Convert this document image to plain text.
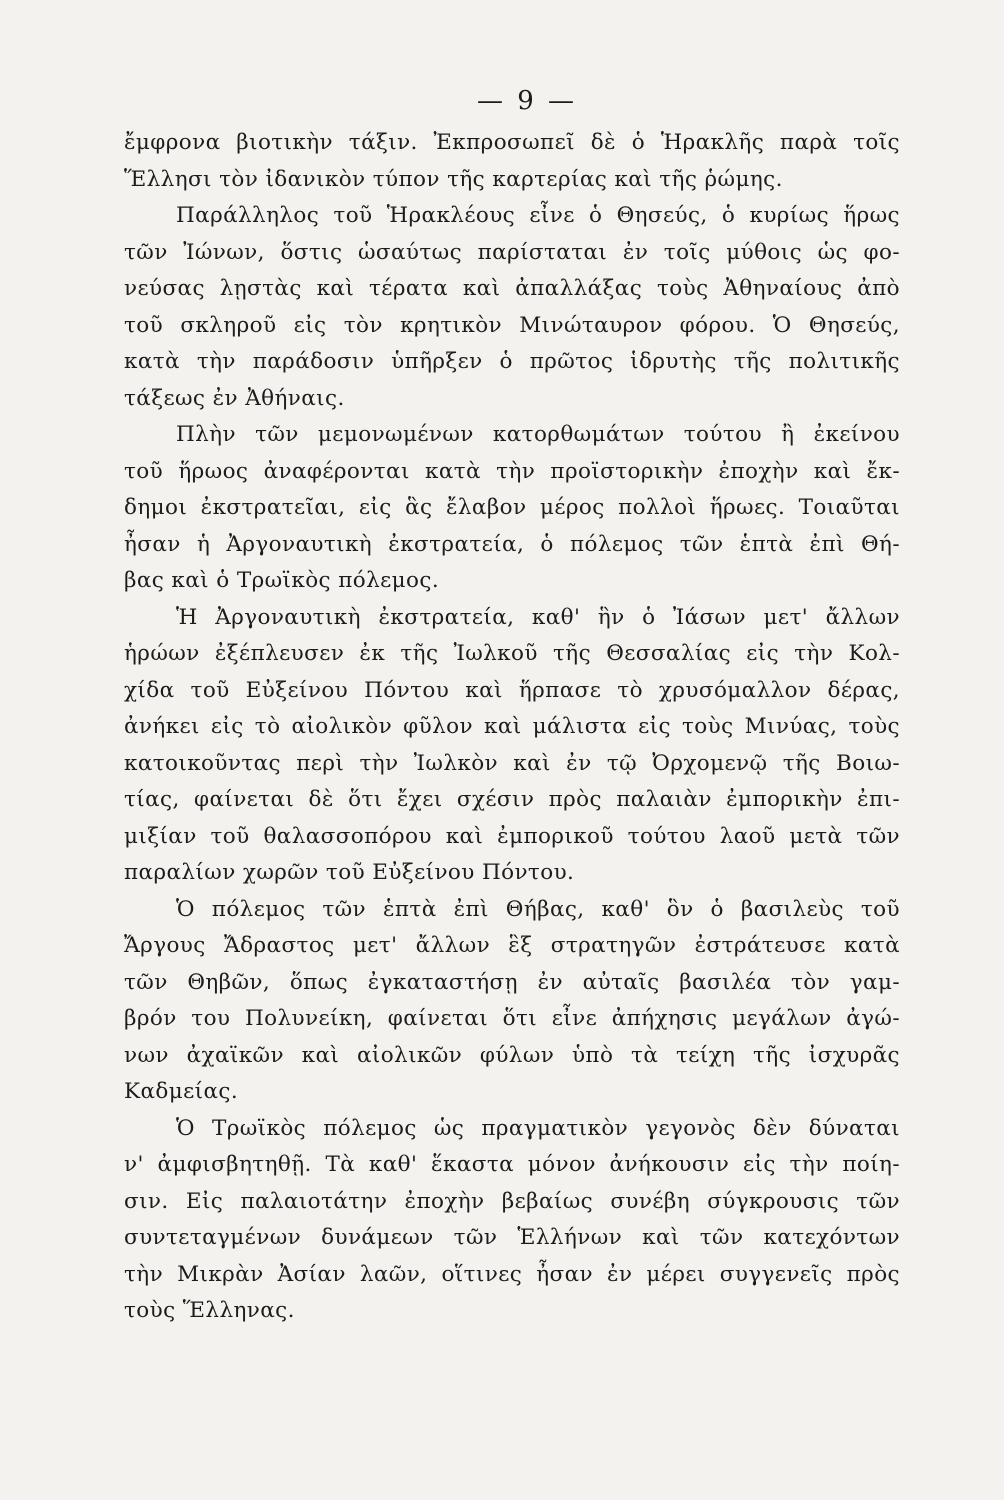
— 9 —
ἔμφρονα βιοτικὴν τάξιν. Ἐκπροσωπεῖ δὲ ὁ Ἡρακλῆς παρὰ τοῖς
Ἕλλησι τὸν ἰδανικὸν τύπον τῆς καρτερίας καὶ τῆς ῥώμης.
Παράλληλος τοῦ Ἡρακλέους εἶνε ὁ Θησεύς, ὁ κυρίως ἥρως
τῶν Ἰώνων, ὅστις ὡσαύτως παρίσταται ἐν τοῖς μύθοις ὡς φο-
νεύσας λῃστὰς καὶ τέρατα καὶ ἀπαλλάξας τοὺς Ἀθηναίους ἀπὸ
τοῦ σκληροῦ εἰς τὸν κρητικὸν Μινώταυρον φόρου. Ὁ Θησεύς,
κατὰ τὴν παράδοσιν ὑπῆρξεν ὁ πρῶτος ἱδρυτὴς τῆς πολιτικῆς
τάξεως ἐν Ἀθήναις.
Πλὴν τῶν μεμονωμένων κατορθωμάτων τούτου ἢ ἐκείνου
τοῦ ἥρωος ἀναφέρονται κατὰ τὴν προϊστορικὴν ἐποχὴν καὶ ἔκ-
δημοι ἐκστρατεῖαι, εἰς ἃς ἔλαβον μέρος πολλοὶ ἥρωες. Τοιαῦται
ἦσαν ἡ Ἀργοναυτικὴ ἐκστρατεία, ὁ πόλεμος τῶν ἑπτὰ ἐπὶ Θή-
βας καὶ ὁ Τρωϊκὸς πόλεμος.
Ἡ Ἀργοναυτικὴ ἐκστρατεία, καθ' ἣν ὁ Ἰάσων μετ' ἄλλων
ἡρώων ἐξέπλευσεν ἐκ τῆς Ἰωλκοῦ τῆς Θεσσαλίας εἰς τὴν Κολ-
χίδα τοῦ Εὐξείνου Πόντου καὶ ἥρπασε τὸ χρυσόμαλλον δέρας,
ἀνήκει εἰς τὸ αἰολικὸν φῦλον καὶ μάλιστα εἰς τοὺς Μινύας, τοὺς
κατοικοῦντας περὶ τὴν Ἰωλκὸν καὶ ἐν τῷ Ὀρχομενῷ τῆς Βοιω-
τίας, φαίνεται δὲ ὅτι ἔχει σχέσιν πρὸς παλαιὰν ἐμπορικὴν ἐπι-
μιξίαν τοῦ θαλασσοπόρου καὶ ἐμπορικοῦ τούτου λαοῦ μετὰ τῶν
παραλίων χωρῶν τοῦ Εὐξείνου Πόντου.
Ὁ πόλεμος τῶν ἑπτὰ ἐπὶ Θήβας, καθ' ὃν ὁ βασιλεὺς τοῦ
Ἄργους Ἄδραστος μετ' ἄλλων ἓξ στρατηγῶν ἐστράτευσε κατὰ
τῶν Θηβῶν, ὅπως ἐγκαταστήσῃ ἐν αὐταῖς βασιλέα τὸν γαμ-
βρόν του Πολυνείκη, φαίνεται ὅτι εἶνε ἀπήχησις μεγάλων ἀγώ-
νων ἀχαϊκῶν καὶ αἰολικῶν φύλων ὑπὸ τὰ τείχη τῆς ἰσχυρᾶς
Καδμείας.
Ὁ Τρωϊκὸς πόλεμος ὡς πραγματικὸν γεγονὸς δὲν δύναται
ν' ἀμφισβητηθῇ. Τὰ καθ' ἕκαστα μόνον ἀνήκουσιν εἰς τὴν ποίη-
σιν. Εἰς παλαιοτάτην ἐποχὴν βεβαίως συνέβη σύγκρουσις τῶν
συντεταγμένων δυνάμεων τῶν Ἑλλήνων καὶ τῶν κατεχόντων
τὴν Μικρὰν Ἀσίαν λαῶν, οἵτινες ἦσαν ἐν μέρει συγγενεῖς πρὸς
τοὺς Ἕλληνας.
